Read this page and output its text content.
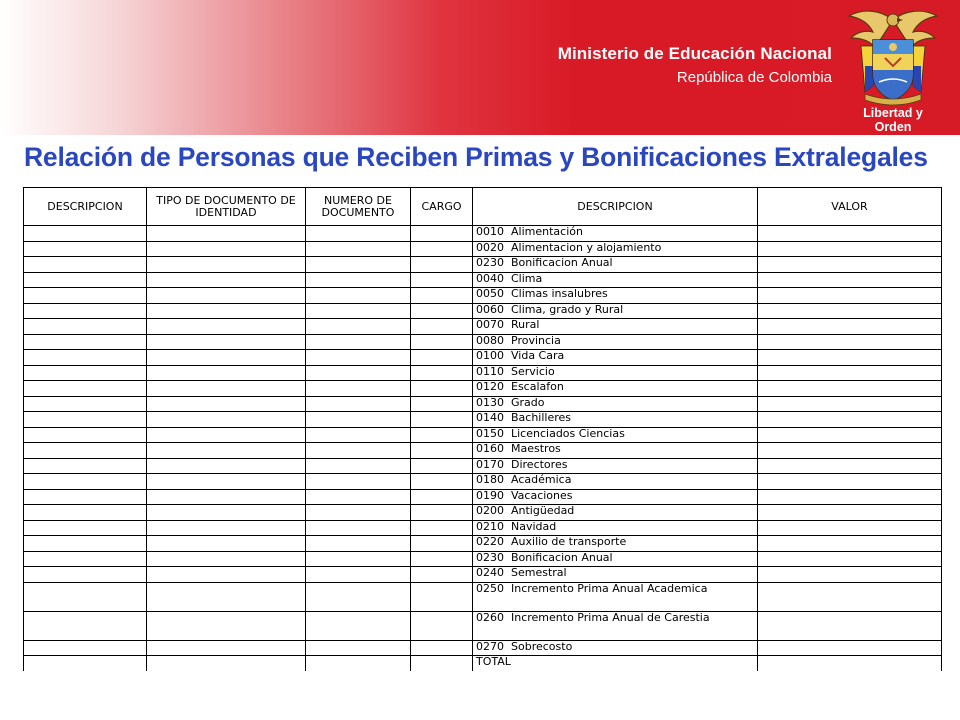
Ministerio de Educación Nacional
República de Colombia
Libertad y Orden
Relación de Personas que Reciben Primas y Bonificaciones Extralegales
DESCRIPCION	TIPO DE DOCUMENTO DE IDENTIDAD	NUMERO DE DOCUMENTO	CARGO	DESCRIPCION	VALOR
				0010 Alimentación	
				0020 Alimentacion y alojamiento	
				0230 Bonificacion Anual	
				0040 Clima	
				0050 Climas insalubres	
				0060 Clima, grado y Rural	
				0070 Rural	
				0080 Provincia	
				0100 Vida Cara	
				0110 Servicio	
				0120 Escalafon	
				0130 Grado	
				0140 Bachilleres	
				0150 Licenciados Ciencias	
				0160 Maestros	
				0170 Directores	
				0180 Académica	
				0190 Vacaciones	
				0200 Antigüedad	
				0210 Navidad	
				0220 Auxilio de transporte	
				0230 Bonificacion Anual	
				0240 Semestral	
				0250 Incremento Prima Anual Academica	
				0260 Incremento Prima Anual de Carestia	
				0270 Sobrecosto	
				TOTAL	
